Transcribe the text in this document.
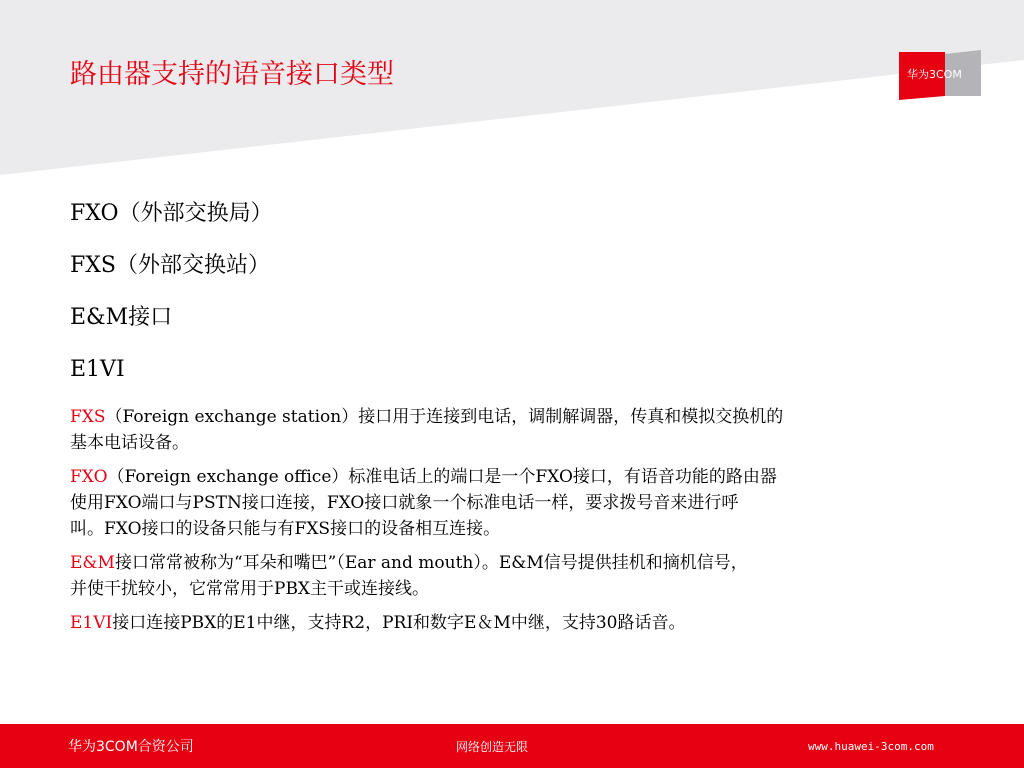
路由器支持的语音接口类型	华为3COM
FXO（外部交换局）
FXS（外部交换站）
E&M接口
E1VI

FXS（Foreign exchange station）接口用于连接到电话，调制解调器，传真和模拟交换机的
基本电话设备。

FXO（Foreign exchange office）标准电话上的端口是一个FXO接口，有语音功能的路由器
使用FXO端口与PSTN接口连接，FXO接口就象一个标准电话一样，要求拨号音来进行呼
叫。FXO接口的设备只能与有FXS接口的设备相互连接。

E&M接口常常被称为“耳朵和嘴巴”（Ear and mouth）。E&M信号提供挂机和摘机信号，
并使干扰较小，它常常用于PBX主干或连接线。

E1VI接口连接PBX的E1中继，支持R2，PRI和数字E＆M中继，支持30路话音。

华为3COM合资公司	网络创造无限	www.huawei-3com.com
